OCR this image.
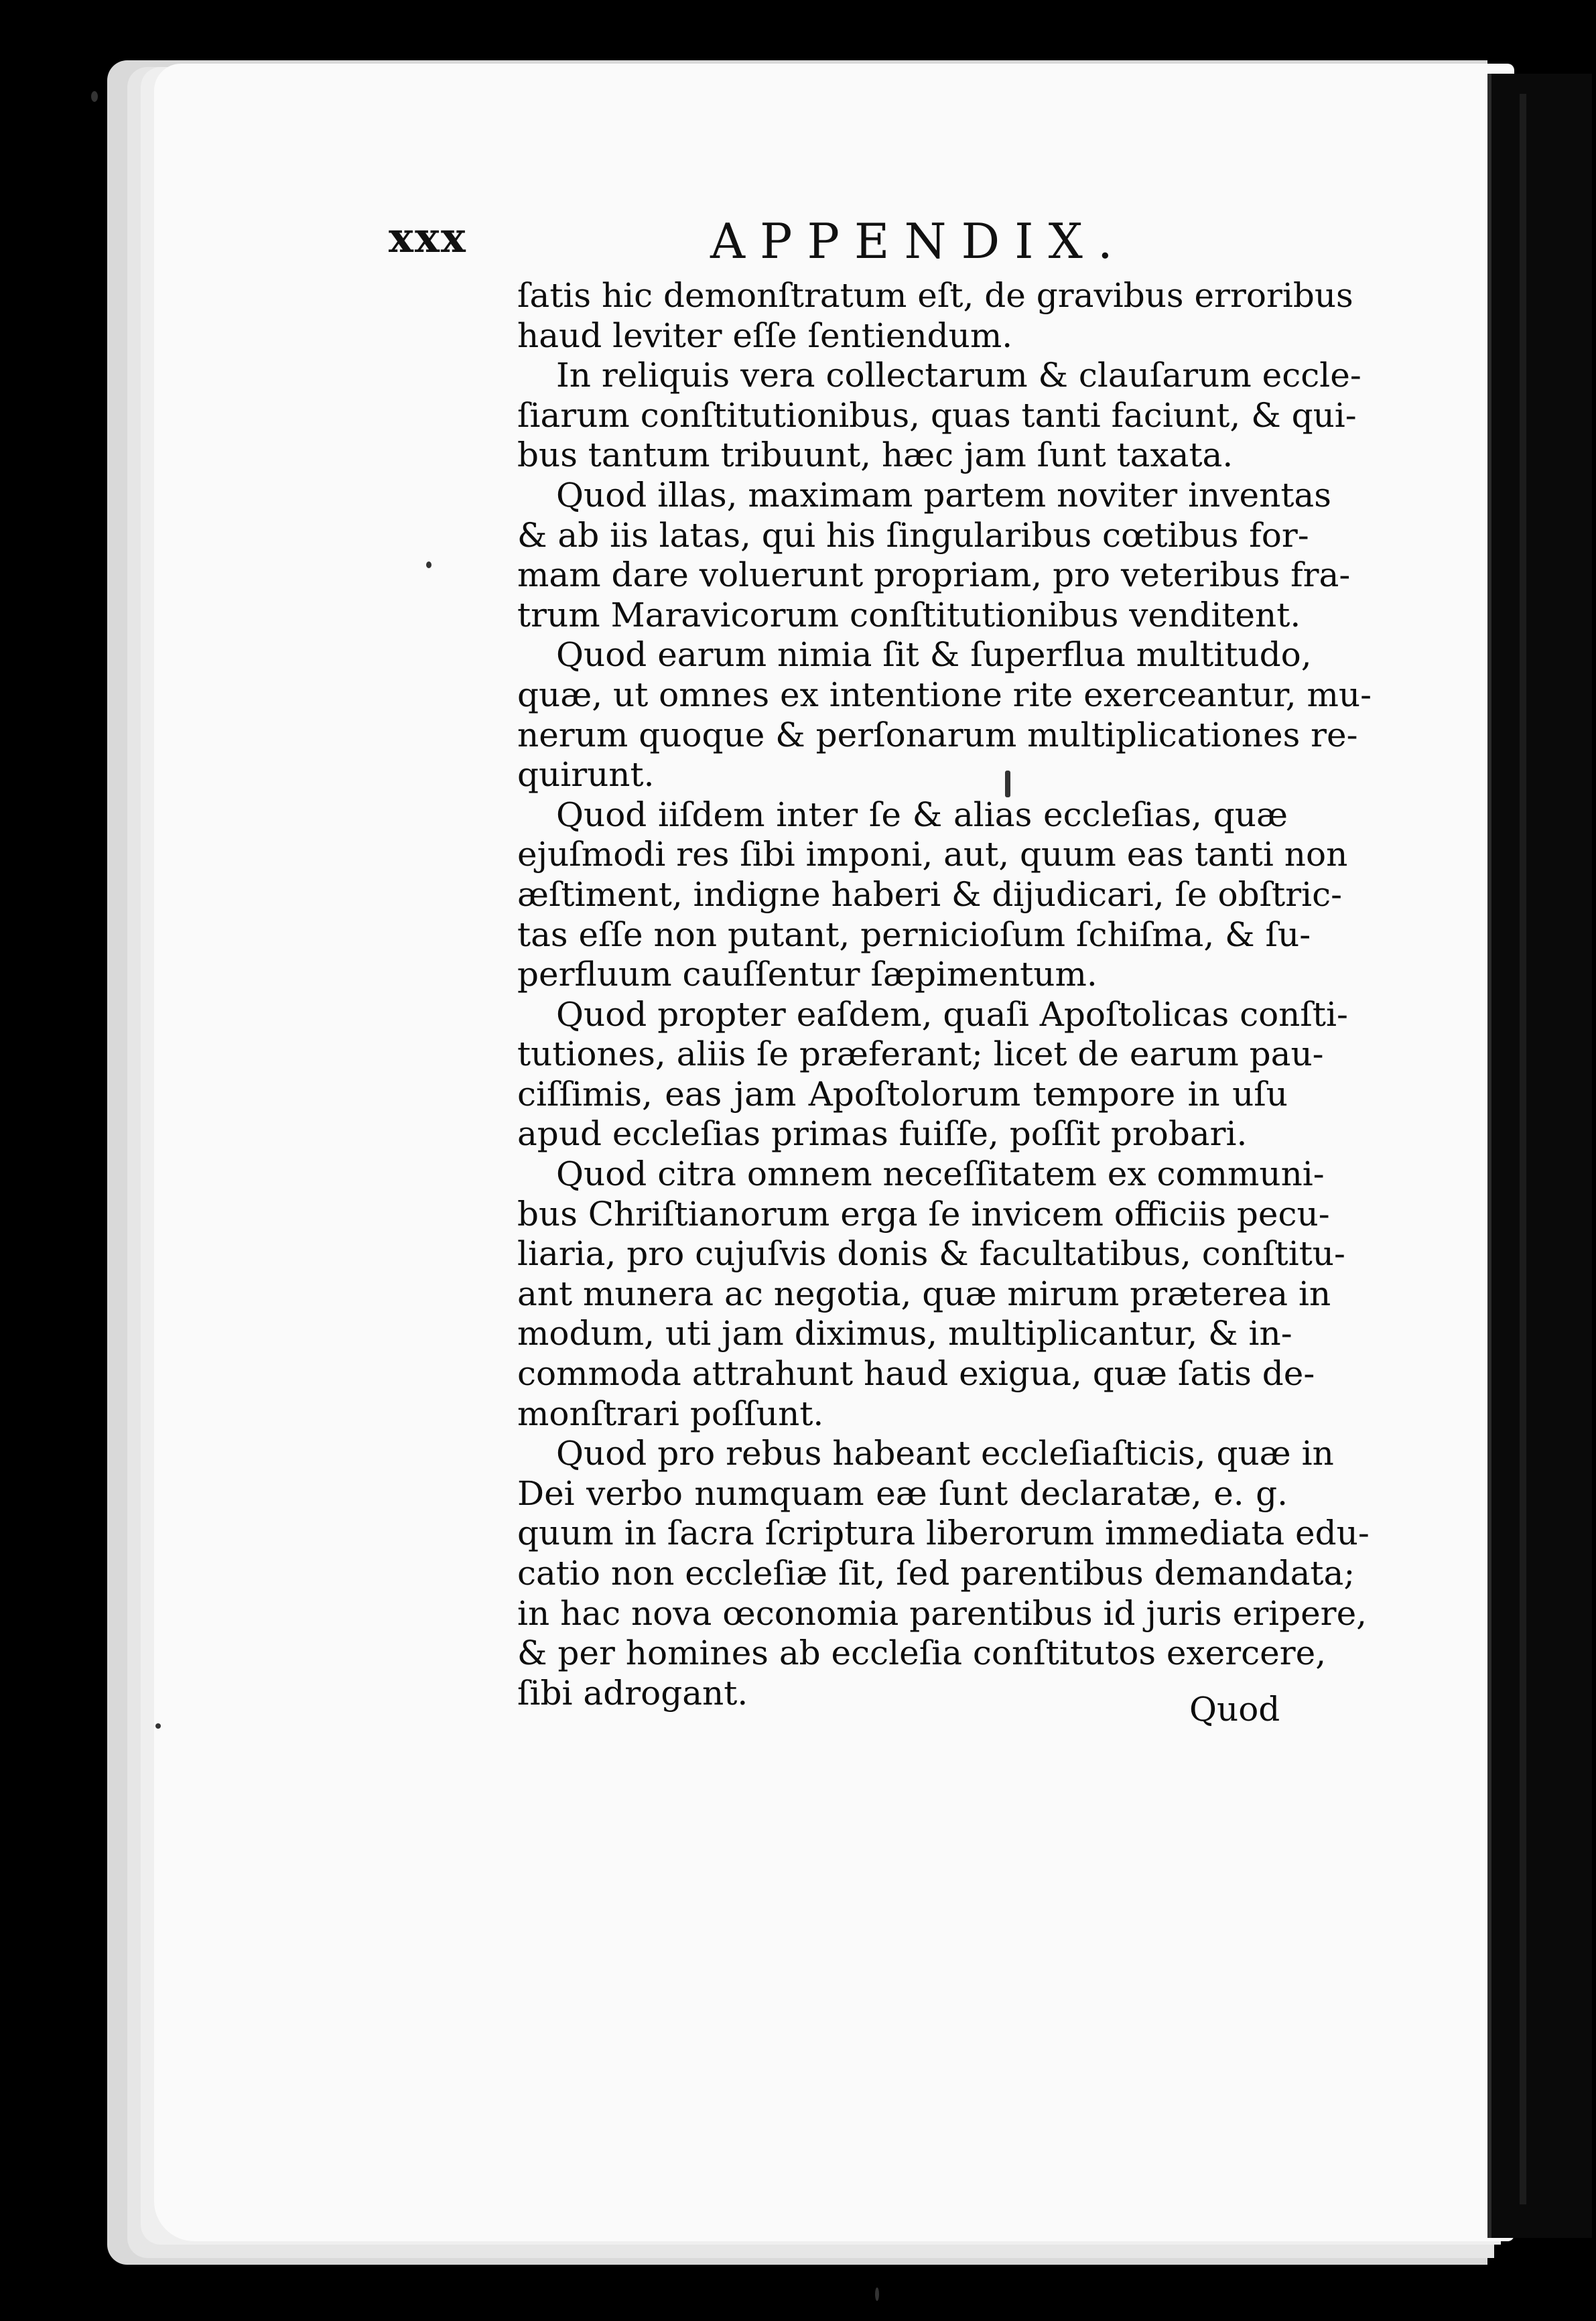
xxx	APPENDIX.

ſatis hic demonſtratum eſt, de gravibus erroribus
haud leviter eſſe ſentiendum.

In reliquis vera collectarum & clauſarum eccle-
ſiarum conſtitutionibus, quas tanti faciunt, & qui-
bus tantum tribuunt, hæc jam ſunt taxata.

Quod illas, maximam partem noviter inventas
& ab iis latas, qui his ſingularibus cœtibus for-
mam dare voluerunt propriam, pro veteribus fra-
trum Maravicorum conſtitutionibus venditent.

Quod earum nimia ſit & ſuperflua multitudo,
quæ, ut omnes ex intentione rite exerceantur, mu-
nerum quoque & perſonarum multiplicationes re-
quirunt.

Quod iiſdem inter ſe & alias eccleſias, quæ
ejuſmodi res ſibi imponi, aut, quum eas tanti non
æſtiment, indigne haberi & dijudicari, ſe obſtric-
tas eſſe non putant, pernicioſum ſchiſma, & ſu-
perfluum cauſſentur ſæpimentum.

Quod propter eaſdem, quaſi Apoſtolicas conſti-
tutiones, aliis ſe præferant; licet de earum pau-
ciſſimis, eas jam Apoſtolorum tempore in uſu
apud eccleſias primas fuiſſe, poſſit probari.

Quod citra omnem neceſſitatem ex communi-
bus Chriſtianorum erga ſe invicem officiis pecu-
liaria, pro cujuſvis donis & facultatibus, conſtitu-
ant munera ac negotia, quæ mirum præterea in
modum, uti jam diximus, multiplicantur, & in-
commoda attrahunt haud exigua, quæ ſatis de-
monſtrari poſſunt.

Quod pro rebus habeant eccleſiaſticis, quæ in
Dei verbo numquam eæ ſunt declaratæ, e. g.
quum in ſacra ſcriptura liberorum immediata edu-
catio non eccleſiæ ſit, ſed parentibus demandata;
in hac nova œconomia parentibus id juris eripere,
& per homines ab eccleſia conſtitutos exercere,
ſibi adrogant.	Quod
